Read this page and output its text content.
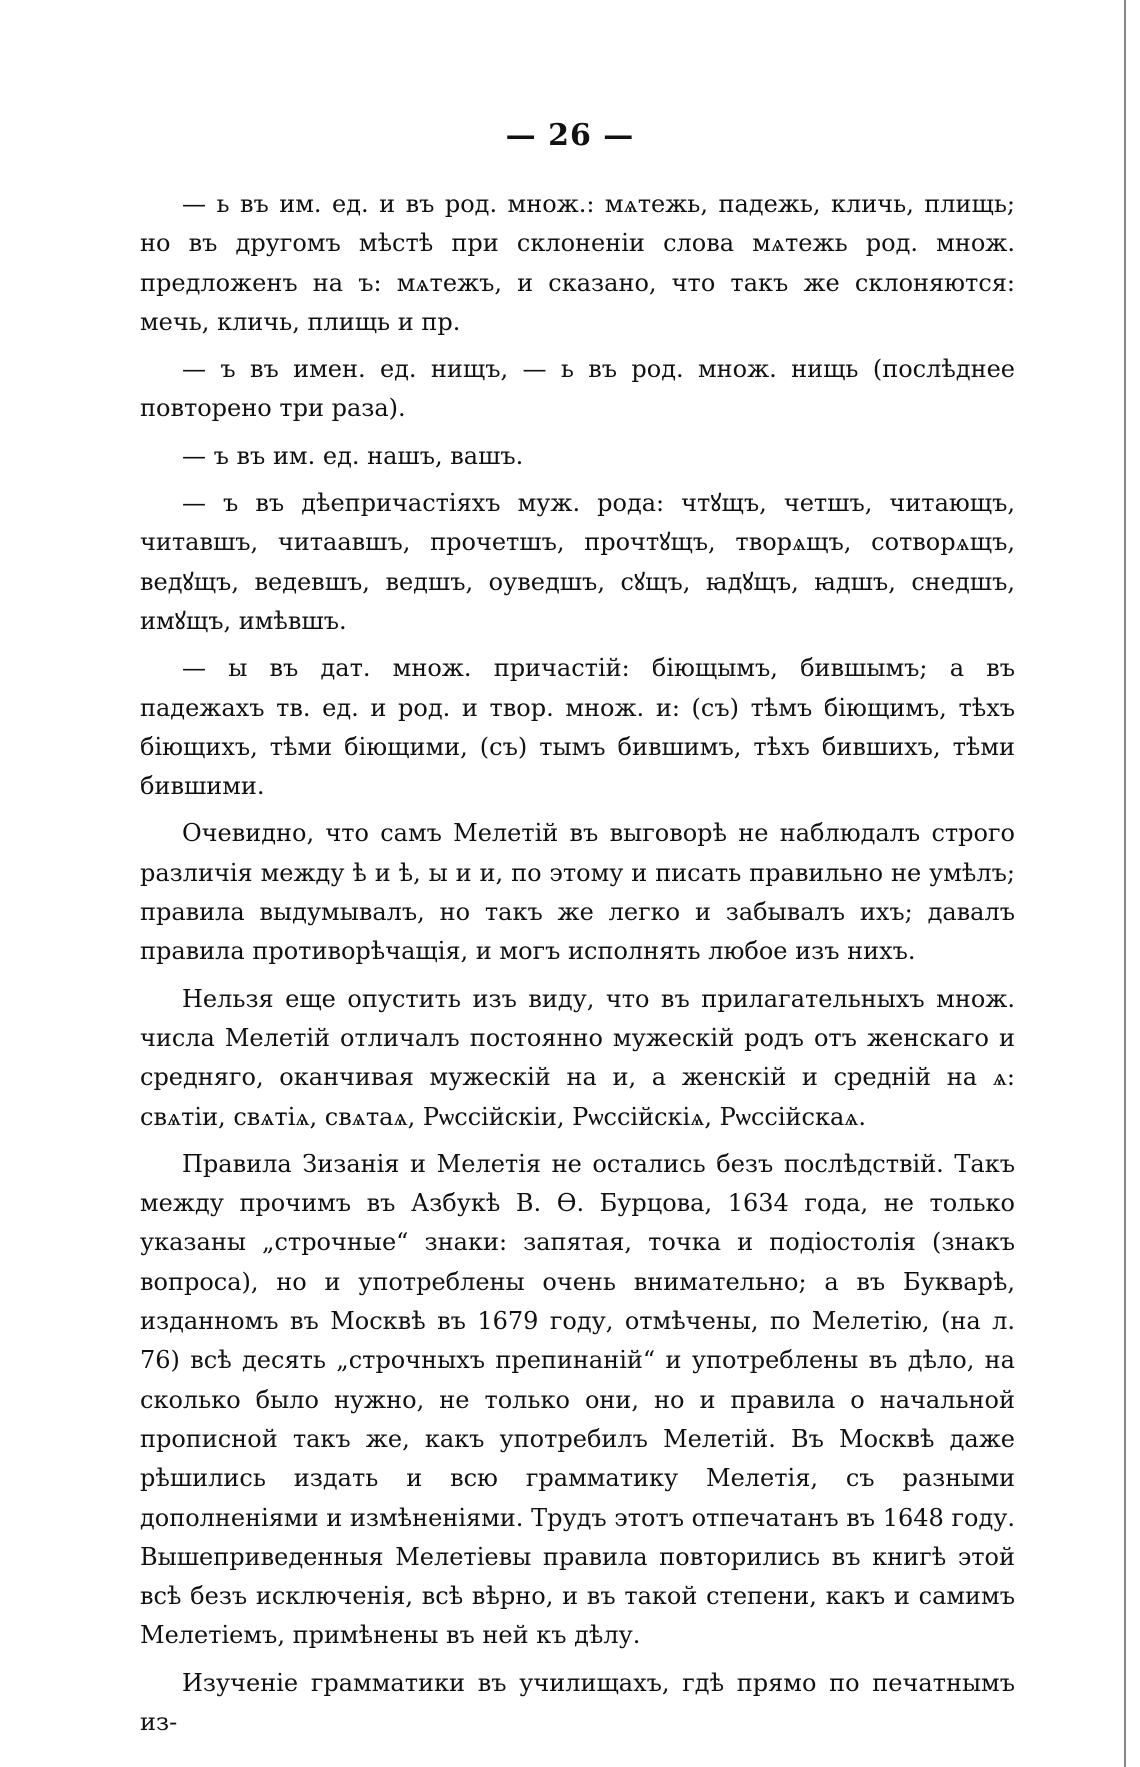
— 26 —

— ь въ им. ед. и въ род. множ.: мѧтежь, падежь, кличь, плищь; но въ другомъ мѣстѣ при склоненіи слова мѧтежь род. множ. предложенъ на ъ: мѧтежъ, и сказано, что такъ же склоняются: мечь, кличь, плищь и пр.

— ъ въ имен. ед. нищъ, — ь въ род. множ. нищь (послѣднее повторено три раза).

— ъ въ им. ед. нашъ, вашъ.

— ъ въ дѣепричастіяхъ муж. рода: чтꙋщъ, четшъ, читающъ, читавшъ, читаавшъ, прочетшъ, прочтꙋщъ, творѧщъ, сотворѧщъ, ведꙋщъ, ведевшъ, ведшъ, оуведшъ, сꙋщъ, ꙗдꙋщъ, ꙗдшъ, снедшъ, имꙋщъ, имѣвшъ.

— ы въ дат. множ. причастій: біющымъ, бившымъ; а въ падежахъ тв. ед. и род. и твор. множ. и: (съ) тѣмъ біющимъ, тѣхъ біющихъ, тѣми біющими, (съ) тымъ бившимъ, тѣхъ бившихъ, тѣми бившими.

Очевидно, что самъ Мелетій въ выговорѣ не наблюдалъ строго различія между ѣ и ѣ, ы и и, по этому и писать правильно не умѣлъ; правила выдумывалъ, но такъ же легко и забывалъ ихъ; давалъ правила противорѣчащія, и могъ исполнять любое изъ нихъ.

Нельзя еще опустить изъ виду, что въ прилагательныхъ множ. числа Мелетій отличалъ постоянно мужескій родъ отъ женскаго и средняго, оканчивая мужескій на и, а женскій и средній на ѧ: свѧтіи, свѧтіѧ, свѧтаѧ, Рѡссійскіи, Рѡссійскіѧ, Рѡссійскаѧ.

Правила Зизанія и Мелетія не остались безъ послѣдствій. Такъ между прочимъ въ Азбукѣ В. Ѳ. Бурцова, 1634 года, не только указаны „строчные“ знаки: запятая, точка и подіостолія (знакъ вопроса), но и употреблены очень внимательно; а въ Букварѣ, изданномъ въ Москвѣ въ 1679 году, отмѣчены, по Мелетію, (на л. 76) всѣ десять „строчныхъ препинаній“ и употреблены въ дѣло, на сколько было нужно, не только они, но и правила о начальной прописной такъ же, какъ употребилъ Мелетій. Въ Москвѣ даже рѣшились издать и всю грамматику Мелетія, съ разными дополненіями и измѣненіями. Трудъ этотъ отпечатанъ въ 1648 году. Вышеприведенныя Мелетіевы правила повторились въ книгѣ этой всѣ безъ исключенія, всѣ вѣрно, и въ такой степени, какъ и самимъ Мелетіемъ, примѣнены въ ней къ дѣлу.

Изученіе грамматики въ училищахъ, гдѣ прямо по печатнымъ из-
